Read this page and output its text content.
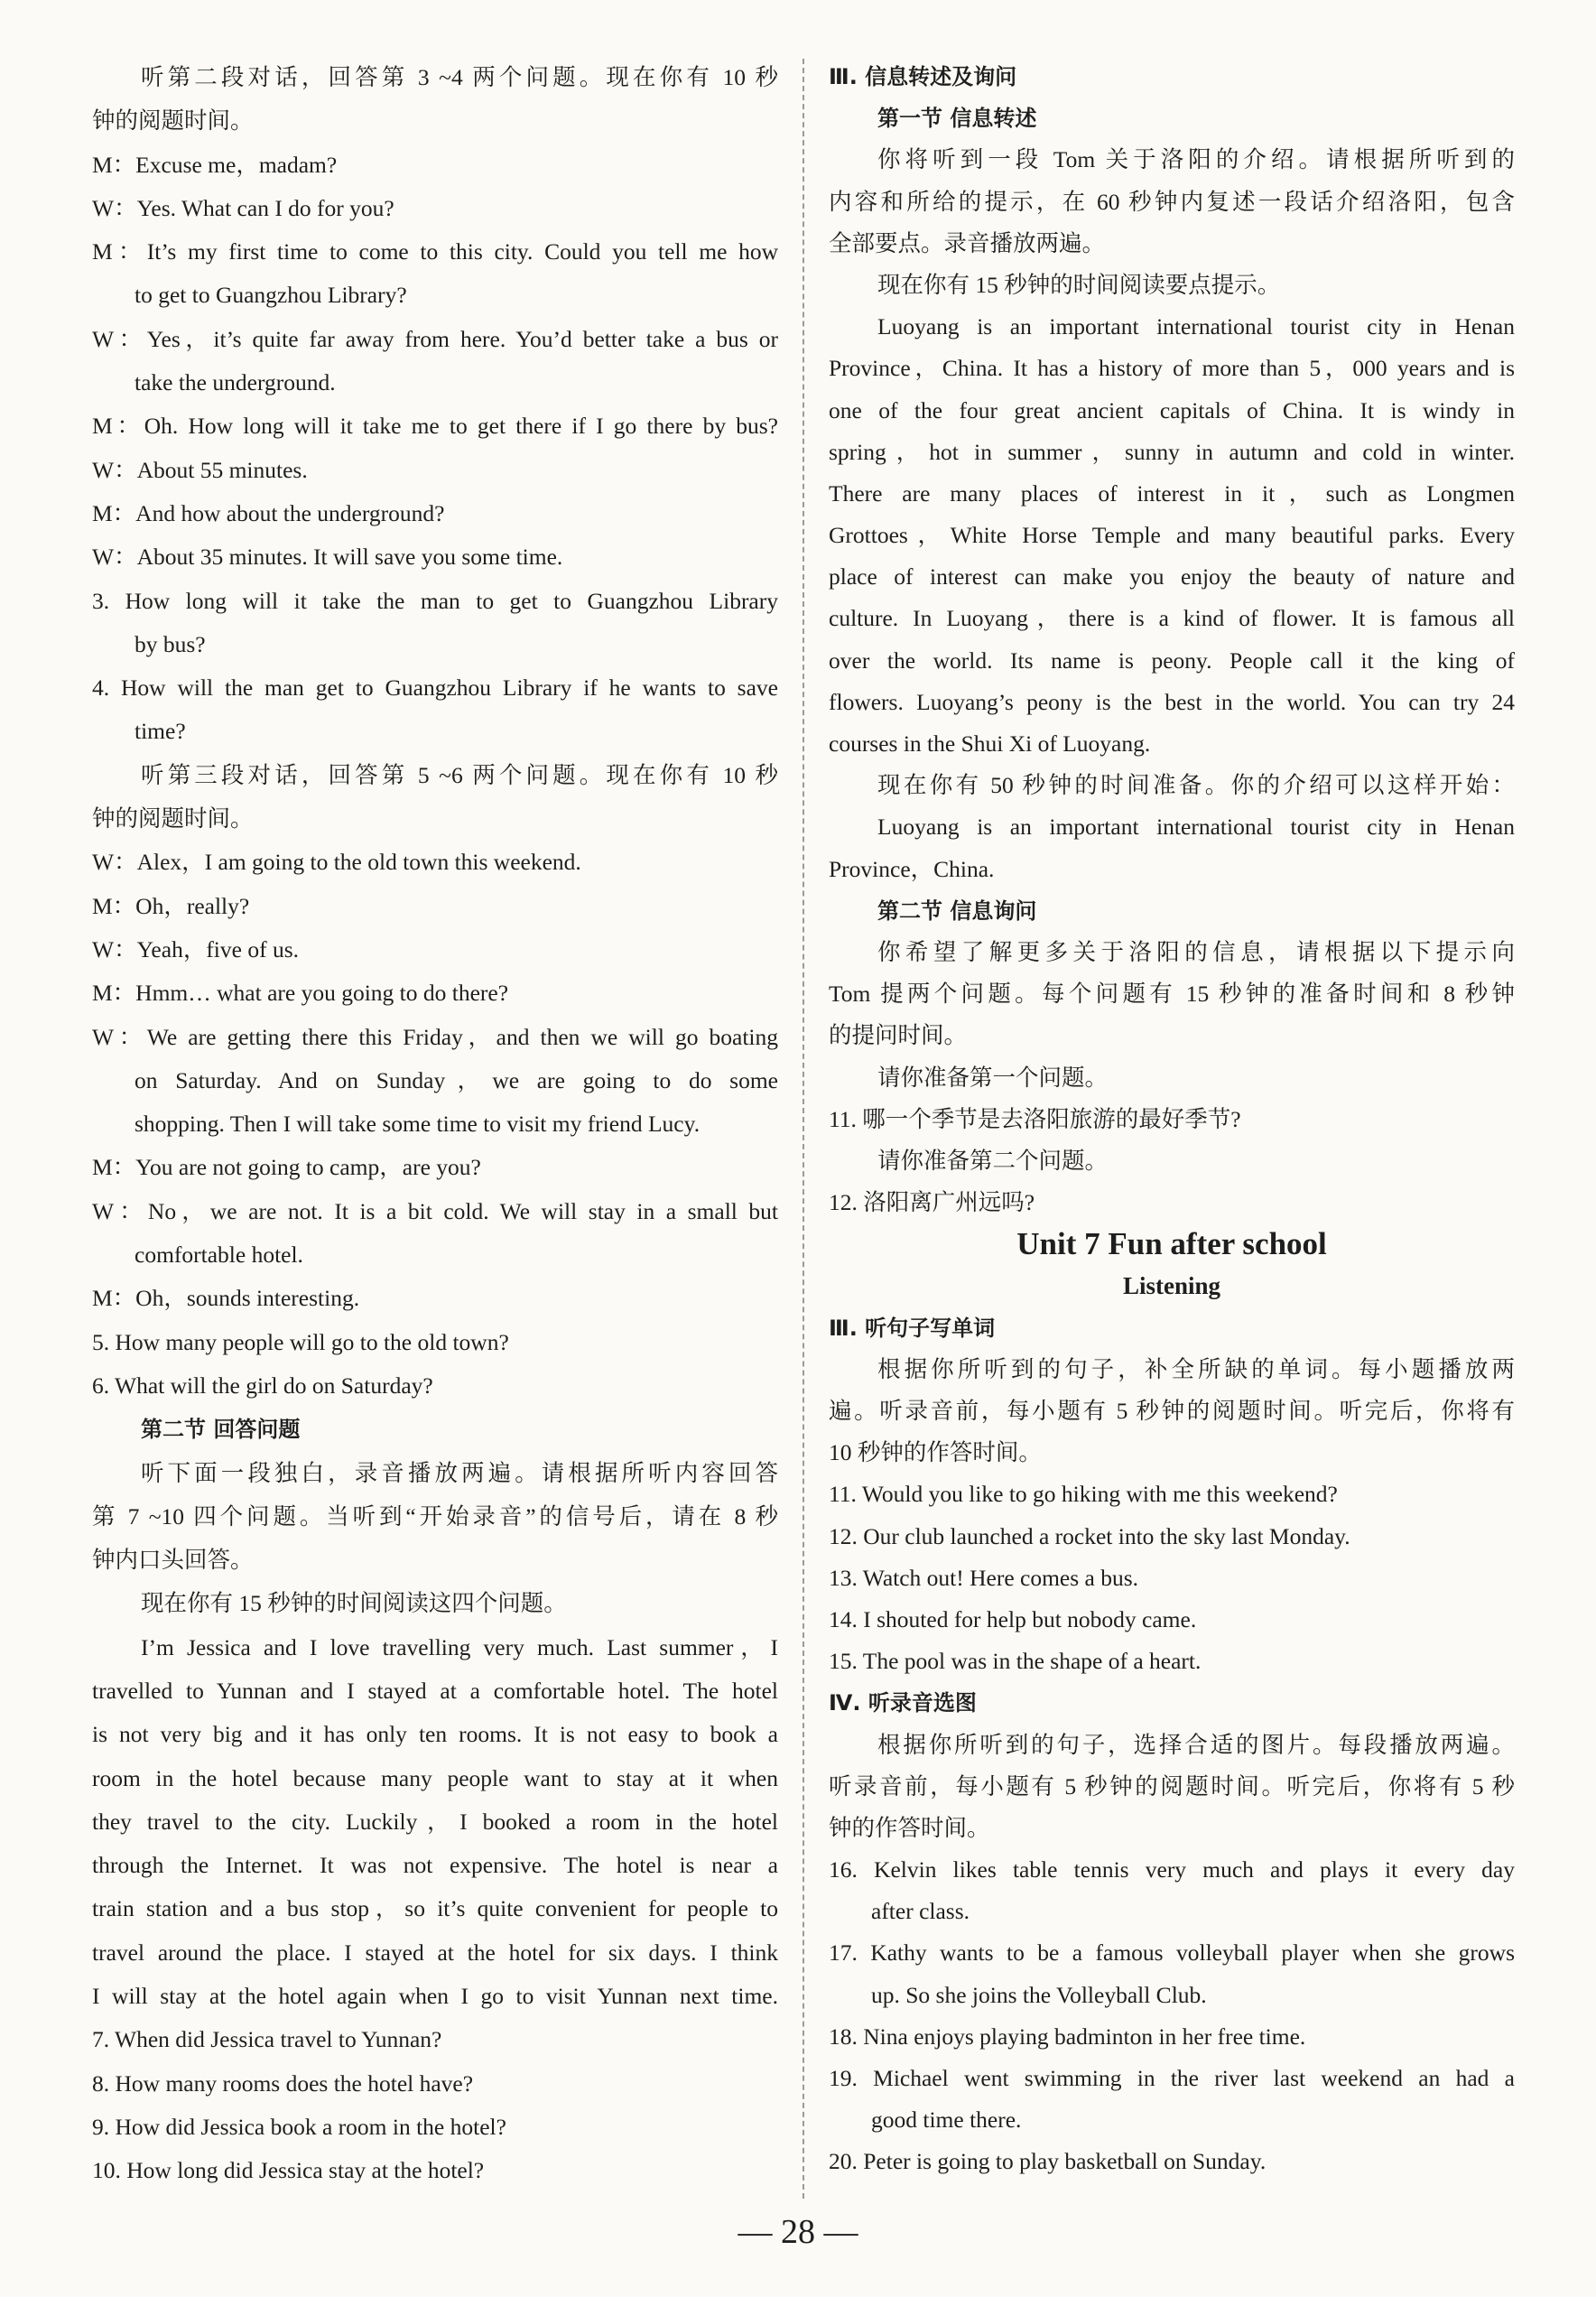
听第二段对话，回答第 3 ~4 两个问题。现在你有 10 秒
钟的阅题时间。
M：Excuse me，madam?
W：Yes. What can I do for you?
M：It’s my first time to come to this city. Could you tell me how
to get to Guangzhou Library?
W：Yes，it’s quite far away from here. You’d better take a bus or
take the underground.
M：Oh. How long will it take me to get there if I go there by bus?
W：About 55 minutes.
M：And how about the underground?
W：About 35 minutes. It will save you some time.
3. How long will it take the man to get to Guangzhou Library
by bus?
4. How will the man get to Guangzhou Library if he wants to save
time?
听第三段对话，回答第 5 ~6 两个问题。现在你有 10 秒
钟的阅题时间。
W：Alex，I am going to the old town this weekend.
M：Oh，really?
W：Yeah，five of us.
M：Hmm… what are you going to do there?
W：We are getting there this Friday，and then we will go boating
on Saturday. And on Sunday，we are going to do some
shopping. Then I will take some time to visit my friend Lucy.
M：You are not going to camp，are you?
W：No，we are not. It is a bit cold. We will stay in a small but
comfortable hotel.
M：Oh，sounds interesting.
5. How many people will go to the old town?
6. What will the girl do on Saturday?
第二节 回答问题
听下面一段独白，录音播放两遍。请根据所听内容回答
第 7 ~10 四个问题。当听到“开始录音”的信号后，请在 8 秒
钟内口头回答。
现在你有 15 秒钟的时间阅读这四个问题。
I’m Jessica and I love travelling very much. Last summer，I
travelled to Yunnan and I stayed at a comfortable hotel. The hotel
is not very big and it has only ten rooms. It is not easy to book a
room in the hotel because many people want to stay at it when
they travel to the city. Luckily，I booked a room in the hotel
through the Internet. It was not expensive. The hotel is near a
train station and a bus stop，so it’s quite convenient for people to
travel around the place. I stayed at the hotel for six days. I think
I will stay at the hotel again when I go to visit Yunnan next time.
7. When did Jessica travel to Yunnan?
8. How many rooms does the hotel have?
9. How did Jessica book a room in the hotel?
10. How long did Jessica stay at the hotel?
Ⅲ. 信息转述及询问
第一节 信息转述
你将听到一段 Tom 关于洛阳的介绍。请根据所听到的
内容和所给的提示，在 60 秒钟内复述一段话介绍洛阳，包含
全部要点。录音播放两遍。
现在你有 15 秒钟的时间阅读要点提示。
Luoyang is an important international tourist city in Henan
Province，China. It has a history of more than 5，000 years and is
one of the four great ancient capitals of China. It is windy in
spring，hot in summer，sunny in autumn and cold in winter.
There are many places of interest in it，such as Longmen
Grottoes，White Horse Temple and many beautiful parks. Every
place of interest can make you enjoy the beauty of nature and
culture. In Luoyang，there is a kind of flower. It is famous all
over the world. Its name is peony. People call it the king of
flowers. Luoyang’s peony is the best in the world. You can try 24
courses in the Shui Xi of Luoyang.
现在你有 50 秒钟的时间准备。你的介绍可以这样开始：
Luoyang is an important international tourist city in Henan
Province，China.
第二节 信息询问
你希望了解更多关于洛阳的信息，请根据以下提示向
Tom 提两个问题。每个问题有 15 秒钟的准备时间和 8 秒钟
的提问时间。
请你准备第一个问题。
11. 哪一个季节是去洛阳旅游的最好季节?
请你准备第二个问题。
12. 洛阳离广州远吗?
Unit 7 Fun after school
Listening
Ⅲ. 听句子写单词
根据你所听到的句子，补全所缺的单词。每小题播放两
遍。听录音前，每小题有 5 秒钟的阅题时间。听完后，你将有
10 秒钟的作答时间。
11. Would you like to go hiking with me this weekend?
12. Our club launched a rocket into the sky last Monday.
13. Watch out! Here comes a bus.
14. I shouted for help but nobody came.
15. The pool was in the shape of a heart.
Ⅳ. 听录音选图
根据你所听到的句子，选择合适的图片。每段播放两遍。
听录音前，每小题有 5 秒钟的阅题时间。听完后，你将有 5 秒
钟的作答时间。
16. Kelvin likes table tennis very much and plays it every day
after class.
17. Kathy wants to be a famous volleyball player when she grows
up. So she joins the Volleyball Club.
18. Nina enjoys playing badminton in her free time.
19. Michael went swimming in the river last weekend an had a
good time there.
20. Peter is going to play basketball on Sunday.
— 28 —
